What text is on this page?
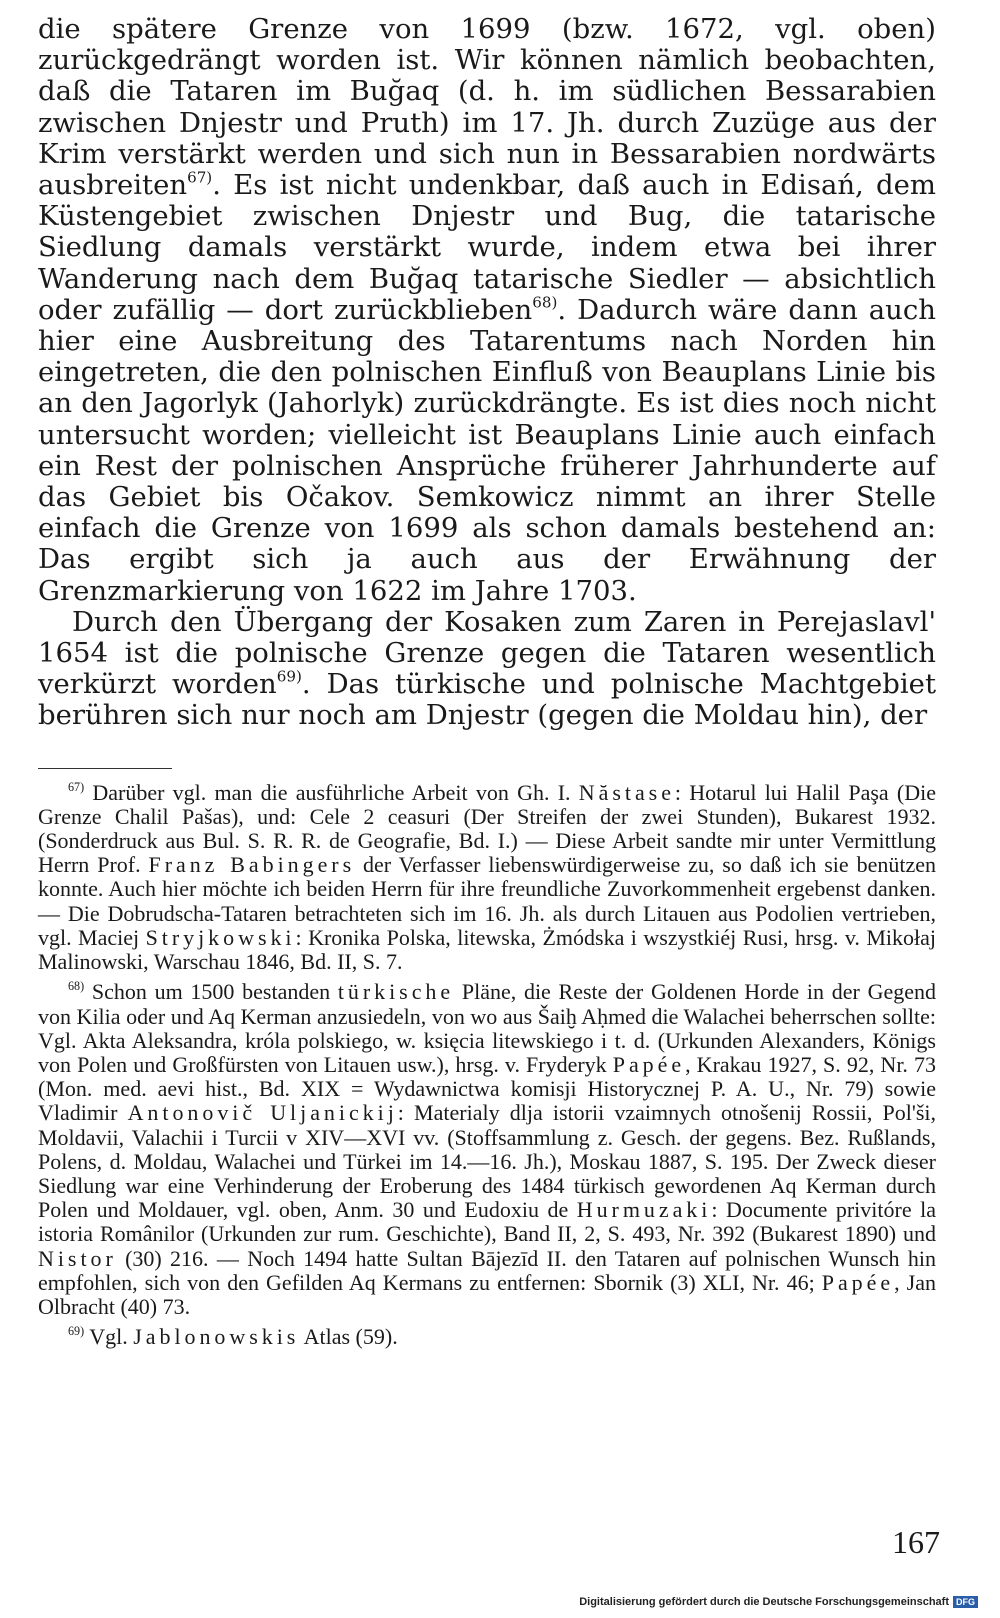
die spätere Grenze von 1699 (bzw. 1672, vgl. oben) zurückgedrängt worden ist. Wir können nämlich beobachten, daß die Tataren im Buğaq (d. h. im südlichen Bessarabien zwischen Dnjestr und Pruth) im 17. Jh. durch Zuzüge aus der Krim verstärkt werden und sich nun in Bessarabien nordwärts ausbreiten$^{67)}$. Es ist nicht undenkbar, daß auch in Edisań, dem Küstengebiet zwischen Dnjestr und Bug, die tatarische Siedlung damals verstärkt wurde, indem etwa bei ihrer Wanderung nach dem Buğaq tatarische Siedler — absichtlich oder zufällig — dort zurückblieben$^{68)}$. Dadurch wäre dann auch hier eine Ausbreitung des Tatarentums nach Norden hin eingetreten, die den polnischen Einfluß von Beauplans Linie bis an den Jagorlyk (Jahorlyk) zurückdrängte. Es ist dies noch nicht untersucht worden; vielleicht ist Beauplans Linie auch einfach ein Rest der polnischen Ansprüche früherer Jahrhunderte auf das Gebiet bis Očakov. Semkowicz nimmt an ihrer Stelle einfach die Grenze von 1699 als schon damals bestehend an: Das ergibt sich ja auch aus der Erwähnung der Grenzmarkierung von 1622 im Jahre 1703.

Durch den Übergang der Kosaken zum Zaren in Perejaslavl' 1654 ist die polnische Grenze gegen die Tataren wesentlich verkürzt worden$^{69)}$. Das türkische und polnische Machtgebiet berühren sich nur noch am Dnjestr (gegen die Moldau hin), der

$^{67)}$ Darüber vgl. man die ausführliche Arbeit von Gh. I. Năstase: Hotarul lui Halil Paşa (Die Grenze Chalil Pašas), und: Cele 2 ceasuri (Der Streifen der zwei Stunden), Bukarest 1932. (Sonderdruck aus Bul. S. R. R. de Geografie, Bd. I.) — Diese Arbeit sandte mir unter Vermittlung Herrn Prof. Franz Babingers der Verfasser liebenswürdigerweise zu, so daß ich sie benützen konnte. Auch hier möchte ich beiden Herrn für ihre freundliche Zuvorkommenheit ergebenst danken. — Die Dobrudscha-Tataren betrachteten sich im 16. Jh. als durch Litauen aus Podolien vertrieben, vgl. Maciej Stryjkowski: Kronika Polska, litewska, Żmódska i wszystkiéj Rusi, hrsg. v. Mikołaj Malinowski, Warschau 1846, Bd. II, S. 7.

$^{68)}$ Schon um 1500 bestanden türkische Pläne, die Reste der Goldenen Horde in der Gegend von Kilia oder und Aq Kerman anzusiedeln, von wo aus Šaiḫ Aḥmed die Walachei beherrschen sollte: Vgl. Akta Aleksandra, króla polskiego, w. księcia litewskiego i t. d. (Urkunden Alexanders, Königs von Polen und Großfürsten von Litauen usw.), hrsg. v. Fryderyk Papée, Krakau 1927, S. 92, Nr. 73 (Mon. med. aevi hist., Bd. XIX = Wydawnictwa komisji Historycznej P. A. U., Nr. 79) sowie Vladimir Antonovič Uljanickij: Materialy dlja istorii vzaimnych otnošenij Rossii, Pol'ši, Moldavii, Valachii i Turcii v XIV—XVI vv. (Stoffsammlung z. Gesch. der gegens. Bez. Rußlands, Polens, d. Moldau, Walachei und Türkei im 14.—16. Jh.), Moskau 1887, S. 195. Der Zweck dieser Siedlung war eine Verhinderung der Eroberung des 1484 türkisch gewordenen Aq Kerman durch Polen und Moldauer, vgl. oben, Anm. 30 und Eudoxiu de Hurmuzaki: Documente privitóre la istoria Românilor (Urkunden zur rum. Geschichte), Band II, 2, S. 493, Nr. 392 (Bukarest 1890) und Nistor (30) 216. — Noch 1494 hatte Sultan Bājezīd II. den Tataren auf polnischen Wunsch hin empfohlen, sich von den Gefilden Aq Kermans zu entfernen: Sbornik (3) XLI, Nr. 46; Papée, Jan Olbracht (40) 73.

$^{69)}$ Vgl. Jablonowskis Atlas (59).

167
Digitalisierung gefördert durch die Deutsche Forschungsgemeinschaft DFG
